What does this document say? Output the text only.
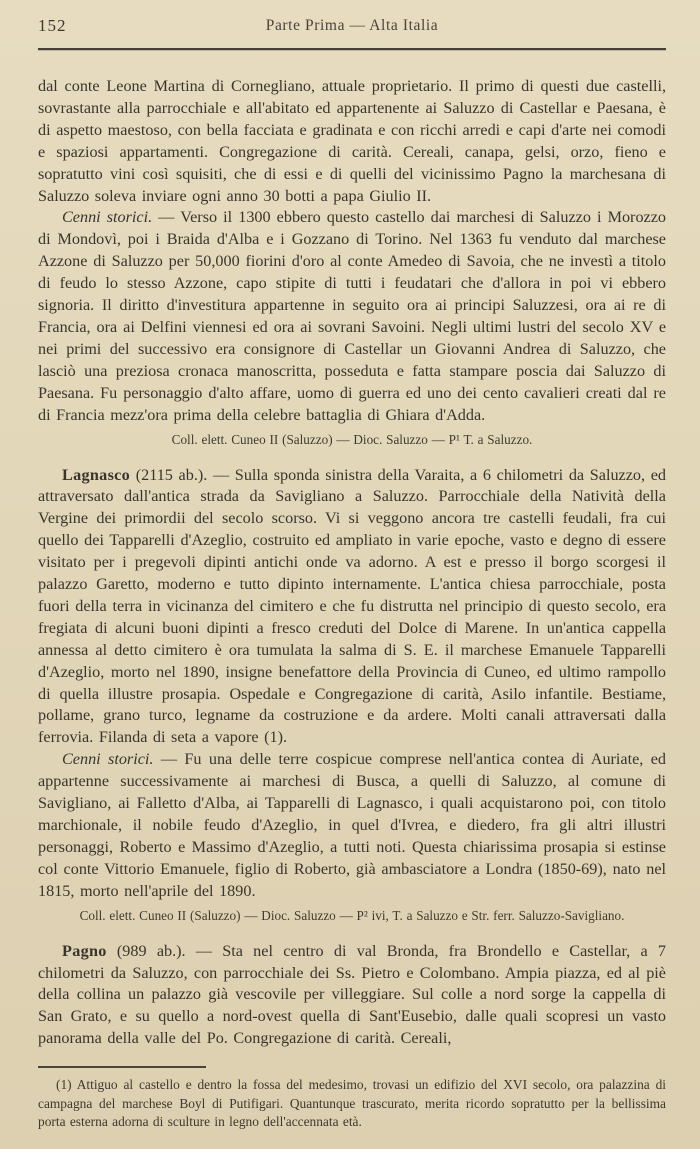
152	Parte Prima — Alta Italia

dal conte Leone Martina di Cornegliano, attuale proprietario. Il primo di questi due castelli, sovrastante alla parrocchiale e all'abitato ed appartenente ai Saluzzo di Castellar e Paesana, è di aspetto maestoso, con bella facciata e gradinata e con ricchi arredi e capi d'arte nei comodi e spaziosi appartamenti. Congregazione di carità. Cereali, canapa, gelsi, orzo, fieno e sopratutto vini così squisiti, che di essi e di quelli del vicinissimo Pagno la marchesana di Saluzzo soleva inviare ogni anno 30 botti a papa Giulio II.

Cenni storici. — Verso il 1300 ebbero questo castello dai marchesi di Saluzzo i Morozzo di Mondovì, poi i Braida d'Alba e i Gozzano di Torino. Nel 1363 fu venduto dal marchese Azzone di Saluzzo per 50,000 fiorini d'oro al conte Amedeo di Savoia, che ne investì a titolo di feudo lo stesso Azzone, capo stipite di tutti i feudatari che d'allora in poi vi ebbero signoria. Il diritto d'investitura appartenne in seguito ora ai principi Saluzzesi, ora ai re di Francia, ora ai Delfini viennesi ed ora ai sovrani Savoini. Negli ultimi lustri del secolo XV e nei primi del successivo era consignore di Castellar un Giovanni Andrea di Saluzzo, che lasciò una preziosa cronaca manoscritta, posseduta e fatta stampare poscia dai Saluzzo di Paesana. Fu personaggio d'alto affare, uomo di guerra ed uno dei cento cavalieri creati dal re di Francia mezz'ora prima della celebre battaglia di Ghiara d'Adda.

Coll. elett. Cuneo II (Saluzzo) — Dioc. Saluzzo — P¹ T. a Saluzzo.

Lagnasco (2115 ab.). — Sulla sponda sinistra della Varaita, a 6 chilometri da Saluzzo, ed attraversato dall'antica strada da Savigliano a Saluzzo. Parrocchiale della Natività della Vergine dei primordii del secolo scorso. Vi si veggono ancora tre castelli feudali, fra cui quello dei Tapparelli d'Azeglio, costruito ed ampliato in varie epoche, vasto e degno di essere visitato per i pregevoli dipinti antichi onde va adorno. A est e presso il borgo scorgesi il palazzo Garetto, moderno e tutto dipinto internamente. L'antica chiesa parrocchiale, posta fuori della terra in vicinanza del cimitero e che fu distrutta nel principio di questo secolo, era fregiata di alcuni buoni dipinti a fresco creduti del Dolce di Marene. In un'antica cappella annessa al detto cimitero è ora tumulata la salma di S. E. il marchese Emanuele Tapparelli d'Azeglio, morto nel 1890, insigne benefattore della Provincia di Cuneo, ed ultimo rampollo di quella illustre prosapia. Ospedale e Congregazione di carità, Asilo infantile. Bestiame, pollame, grano turco, legname da costruzione e da ardere. Molti canali attraversati dalla ferrovia. Filanda di seta a vapore (1).

Cenni storici. — Fu una delle terre cospicue comprese nell'antica contea di Auriate, ed appartenne successivamente ai marchesi di Busca, a quelli di Saluzzo, al comune di Savigliano, ai Falletto d'Alba, ai Tapparelli di Lagnasco, i quali acquistarono poi, con titolo marchionale, il nobile feudo d'Azeglio, in quel d'Ivrea, e diedero, fra gli altri illustri personaggi, Roberto e Massimo d'Azeglio, a tutti noti. Questa chiarissima prosapia si estinse col conte Vittorio Emanuele, figlio di Roberto, già ambasciatore a Londra (1850-69), nato nel 1815, morto nell'aprile del 1890.

Coll. elett. Cuneo II (Saluzzo) — Dioc. Saluzzo — P² ivi, T. a Saluzzo e Str. ferr. Saluzzo-Savigliano.

Pagno (989 ab.). — Sta nel centro di val Bronda, fra Brondello e Castellar, a 7 chilometri da Saluzzo, con parrocchiale dei Ss. Pietro e Colombano. Ampia piazza, ed al piè della collina un palazzo già vescovile per villeggiare. Sul colle a nord sorge la cappella di San Grato, e su quello a nord-ovest quella di Sant'Eusebio, dalle quali scopresi un vasto panorama della valle del Po. Congregazione di carità. Cereali,

(1) Attiguo al castello e dentro la fossa del medesimo, trovasi un edifizio del XVI secolo, ora palazzina di campagna del marchese Boyl di Putifigari. Quantunque trascurato, merita ricordo sopratutto per la bellissima porta esterna adorna di sculture in legno dell'accennata età.
